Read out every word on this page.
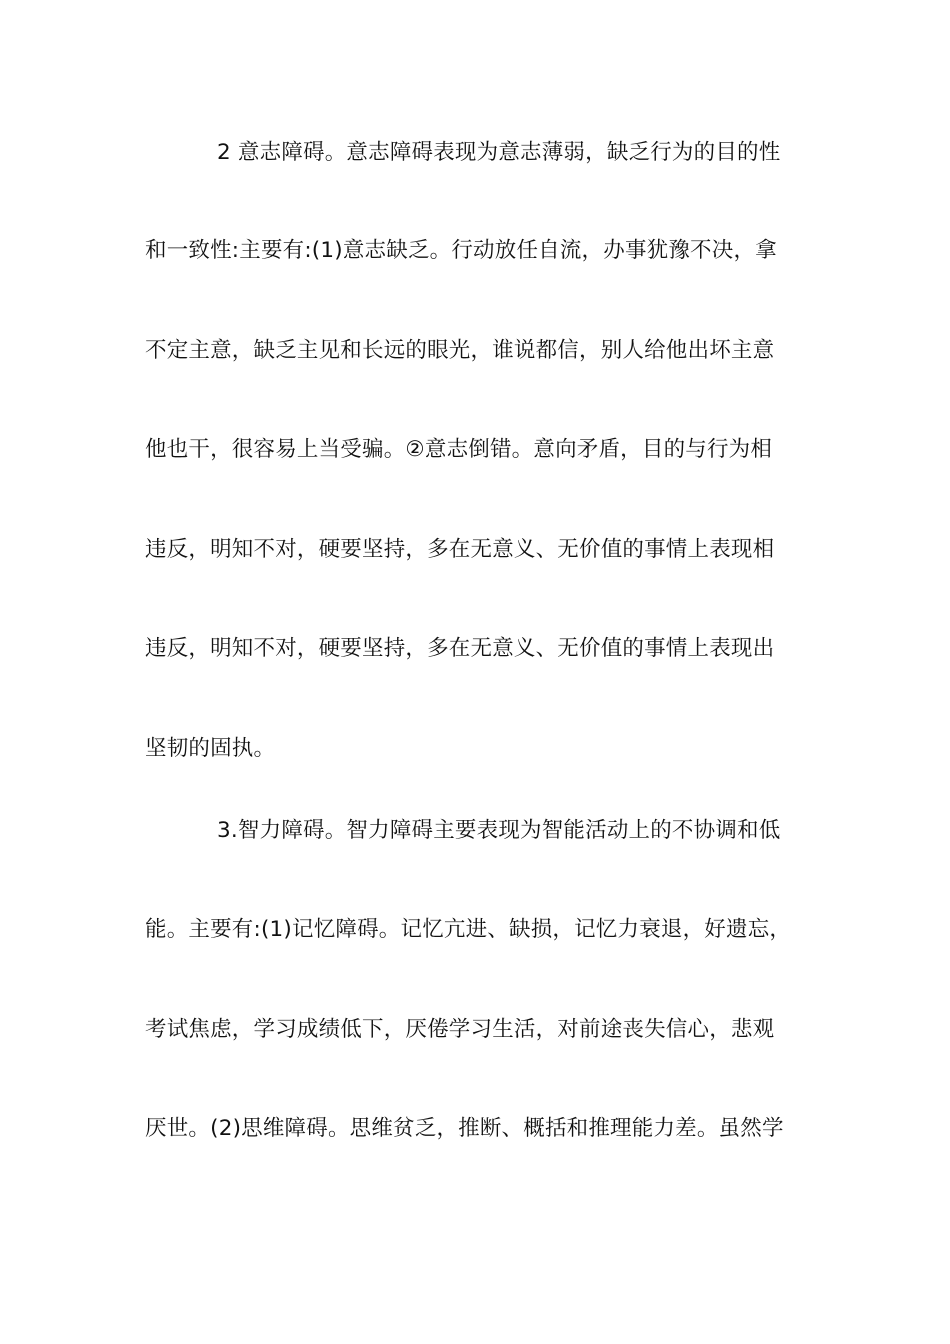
2 意志障碍。意志障碍表现为意志薄弱，缺乏行为的目的性
和一致性:主要有:(1)意志缺乏。行动放任自流，办事犹豫不决，拿
不定主意，缺乏主见和长远的眼光，谁说都信，别人给他出坏主意
他也干，很容易上当受骗。②意志倒错。意向矛盾，目的与行为相
违反，明知不对，硬要坚持，多在无意义、无价值的事情上表现相
违反，明知不对，硬要坚持，多在无意义、无价值的事情上表现出
坚韧的固执。
3.智力障碍。智力障碍主要表现为智能活动上的不协调和低
能。主要有:(1)记忆障碍。记忆亢进、缺损，记忆力衰退，好遗忘，
考试焦虑，学习成绩低下，厌倦学习生活，对前途丧失信心，悲观
厌世。(2)思维障碍。思维贫乏，推断、概括和推理能力差。虽然学
